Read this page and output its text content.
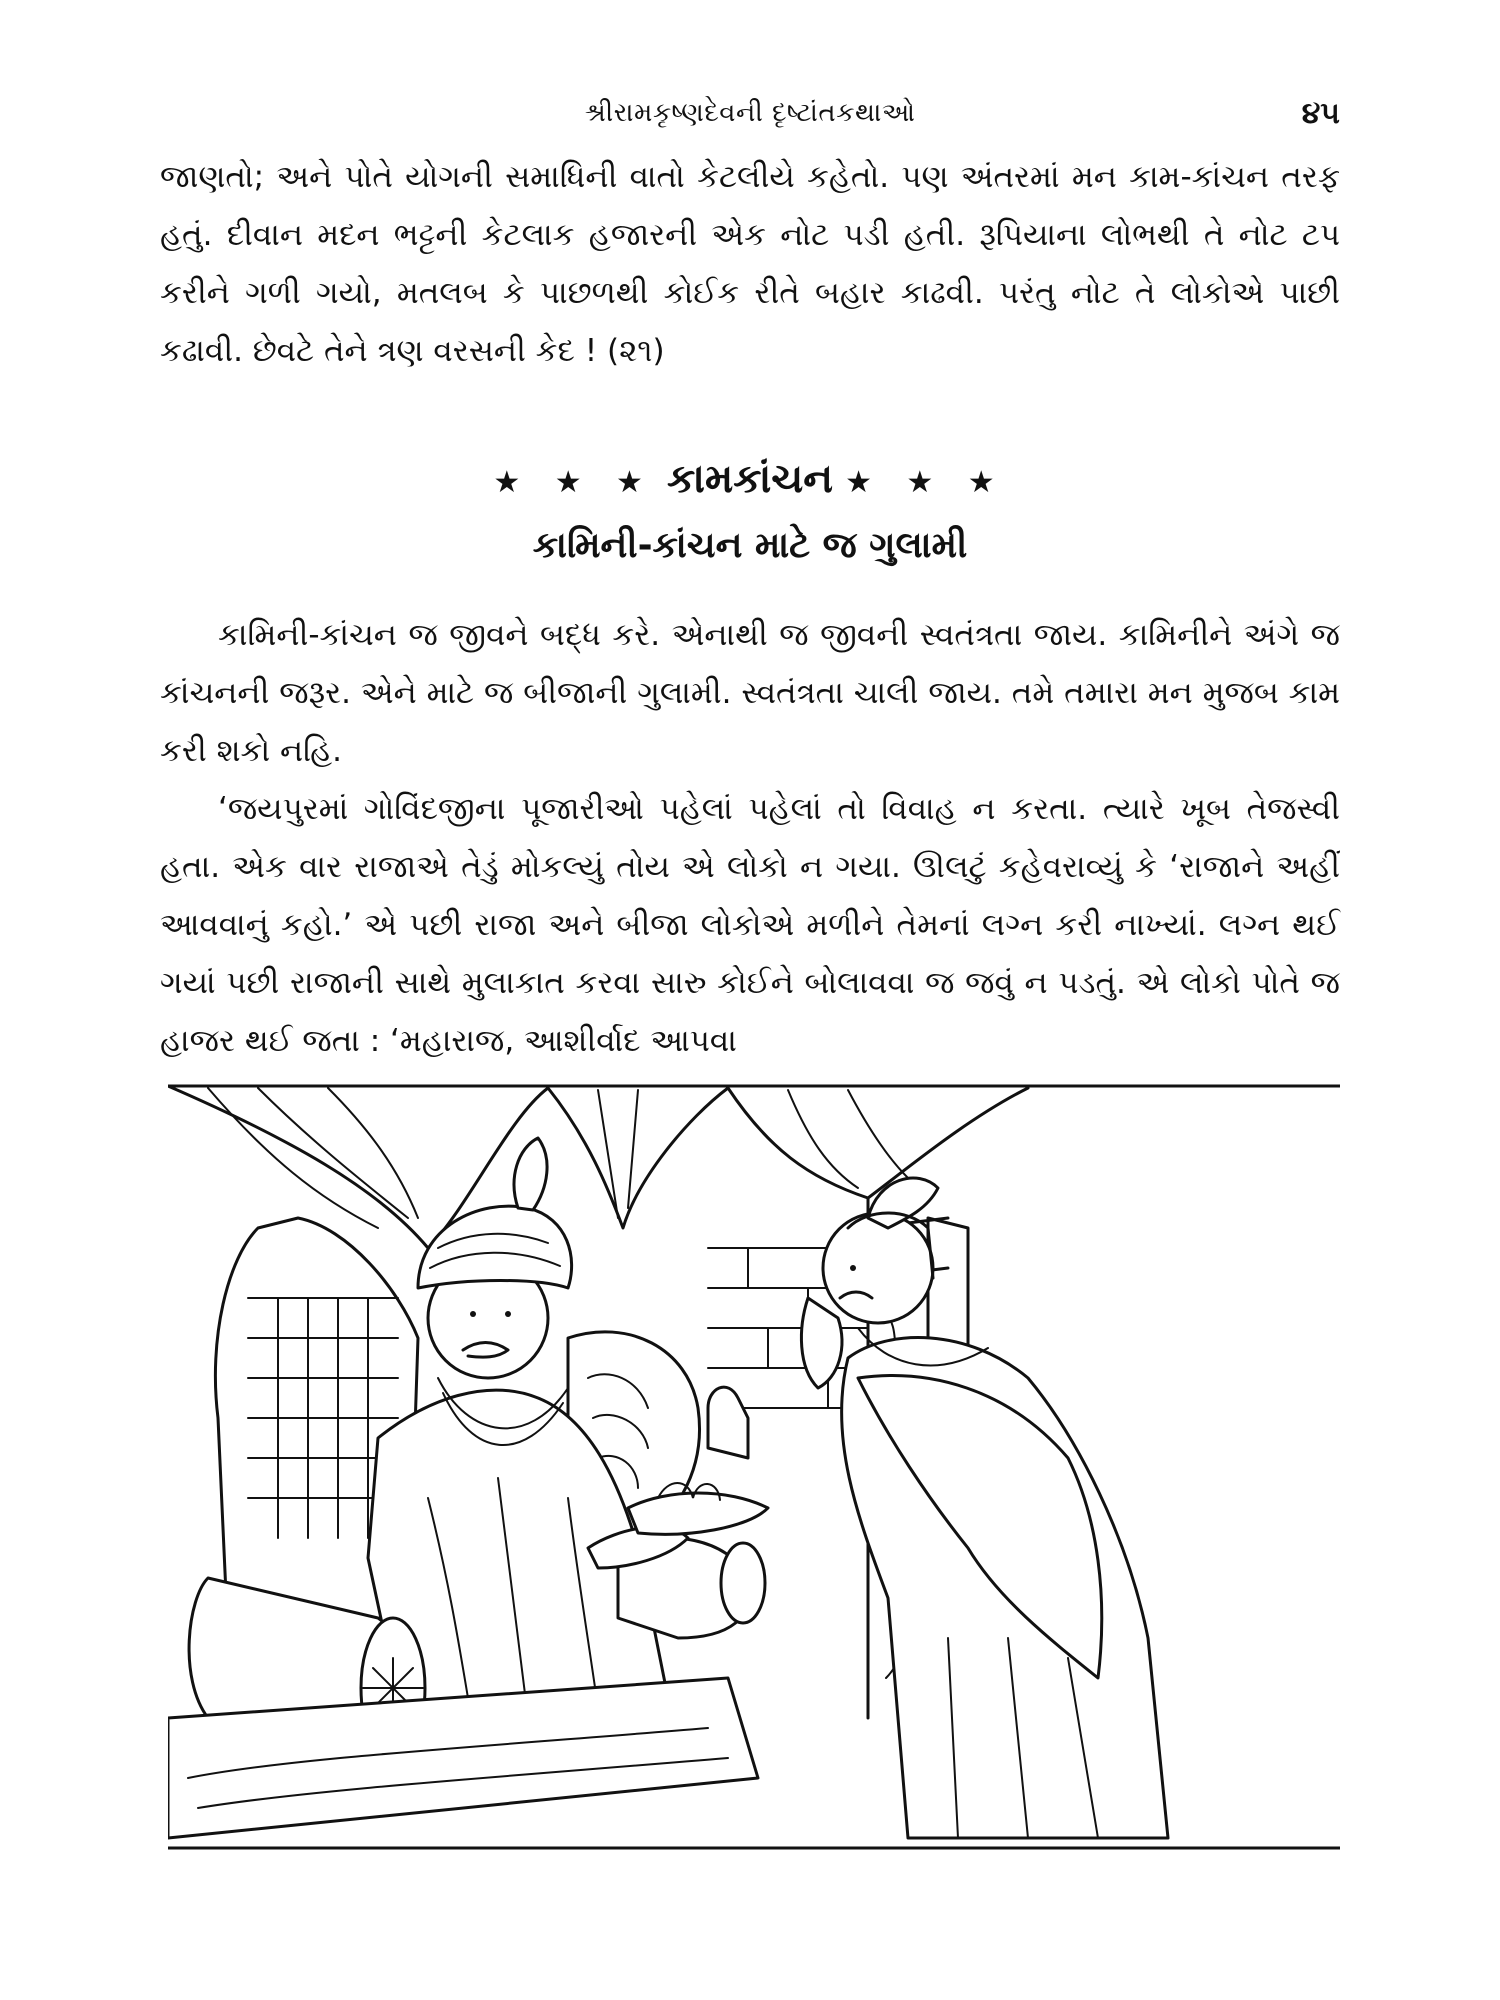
શ્રીરામકૃષ્ણદેવની દૃષ્ટાંતકથાઓ	૪૫

જાણતો; અને પોતે યોગની સમાધિની વાતો કેટલીયે કહેતો. પણ અંતરમાં મન કામ-કાંચન તરફ હતું. દીવાન મદન ભટ્ટની કેટલાક હજારની એક નોટ પડી હતી. રૂપિયાના લોભથી તે નોટ ટપ કરીને ગળી ગયો, મતલબ કે પાછળથી કોઈક રીતે બહાર કાઢવી. પરંતુ નોટ તે લોકોએ પાછી કઢાવી. છેવટે તેને ત્રણ વરસની કેદ ! (૨૧)

★ ★ ★ કામકાંચન ★ ★ ★
કામિની-કાંચન માટે જ ગુલામી

કામિની-કાંચન જ જીવને બદ્ધ કરે. એનાથી જ જીવની સ્વતંત્રતા જાય. કામિનીને અંગે જ કાંચનની જરૂર. એને માટે જ બીજાની ગુલામી. સ્વતંત્રતા ચાલી જાય. તમે તમારા મન મુજબ કામ કરી શકો નહિ.

‘જયપુરમાં ગોવિંદજીના પૂજારીઓ પહેલાં પહેલાં તો વિવાહ ન કરતા. ત્યારે ખૂબ તેજસ્વી હતા. એક વાર રાજાએ તેડું મોકલ્યું તોય એ લોકો ન ગયા. ઊલટું કહેવરાવ્યું કે ‘રાજાને અહીં આવવાનું કહો.’ એ પછી રાજા અને બીજા લોકોએ મળીને તેમનાં લગ્ન કરી નાખ્યાં. લગ્ન થઈ ગયાં પછી રાજાની સાથે મુલાકાત કરવા સારુ કોઈને બોલાવવા જ જવું ન પડતું. એ લોકો પોતે જ હાજર થઈ જતા : ‘મહારાજ, આશીર્વાદ આપવા
